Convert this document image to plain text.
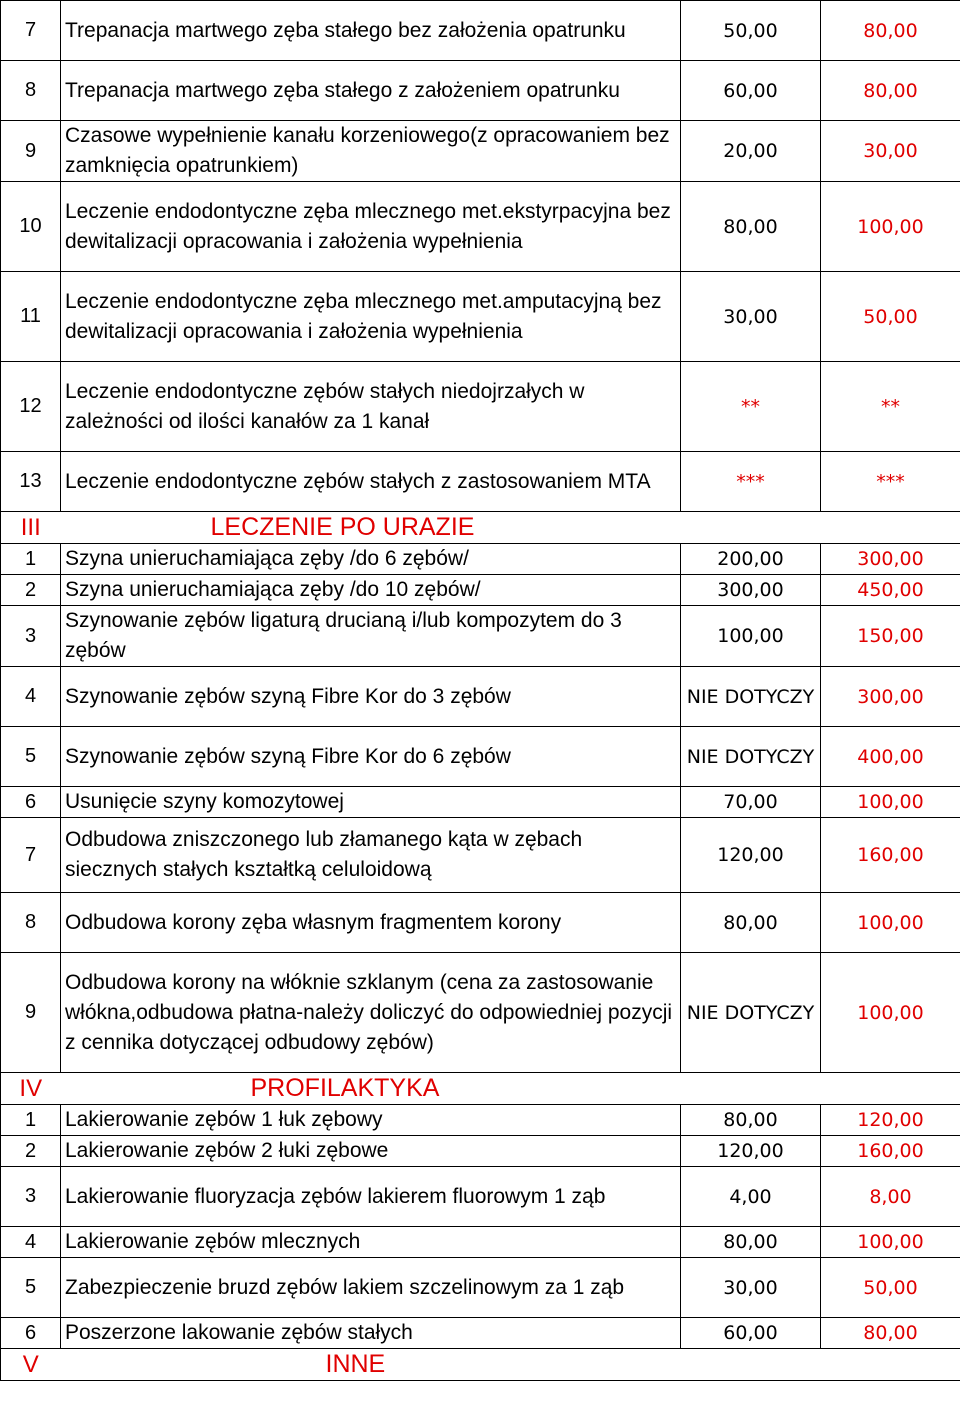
7	Trepanacja martwego zęba stałego bez założenia opatrunku	50,00	80,00
8	Trepanacja martwego zęba stałego z założeniem opatrunku	60,00	80,00
9	Czasowe wypełnienie kanału korzeniowego(z opracowaniem bez zamknięcia opatrunkiem)	20,00	30,00
10	Leczenie endodontyczne zęba mlecznego met.ekstyrpacyjna bez dewitalizacji opracowania i założenia wypełnienia	80,00	100,00
11	Leczenie endodontyczne zęba mlecznego met.amputacyjną bez dewitalizacji opracowania i założenia wypełnienia	30,00	50,00
12	Leczenie endodontyczne zębów stałych niedojrzałych w zależności od ilości kanałów za 1 kanał	**	**
13	Leczenie endodontyczne zębów stałych z zastosowaniem MTA	***	***
III	LECZENIE PO URAZIE		
1	Szyna unieruchamiająca zęby /do 6 zębów/	200,00	300,00
2	Szyna unieruchamiająca zęby /do 10 zębów/	300,00	450,00
3	Szynowanie zębów ligaturą drucianą i/lub kompozytem do 3 zębów	100,00	150,00
4	Szynowanie zębów szyną Fibre Kor do 3 zębów	NIE DOTYCZY	300,00
5	Szynowanie zębów szyną Fibre Kor do 6 zębów	NIE DOTYCZY	400,00
6	Usunięcie szyny komozytowej	70,00	100,00
7	Odbudowa zniszczonego lub złamanego kąta w zębach siecznych stałych kształtką celuloidową	120,00	160,00
8	Odbudowa korony zęba własnym fragmentem korony	80,00	100,00
9	Odbudowa korony na włóknie szklanym (cena za zastosowanie włókna,odbudowa płatna-należy doliczyć do odpowiedniej pozycji z cennika dotyczącej odbudowy zębów)	NIE DOTYCZY	100,00
IV	PROFILAKTYKA		
1	Lakierowanie zębów 1 łuk zębowy	80,00	120,00
2	Lakierowanie zębów 2 łuki zębowe	120,00	160,00
3	Lakierowanie fluoryzacja zębów lakierem fluorowym 1 ząb	4,00	8,00
4	Lakierowanie zębów mlecznych	80,00	100,00
5	Zabezpieczenie bruzd zębów lakiem szczelinowym za 1 ząb	30,00	50,00
6	Poszerzone lakowanie zębów stałych	60,00	80,00
V	INNE		
